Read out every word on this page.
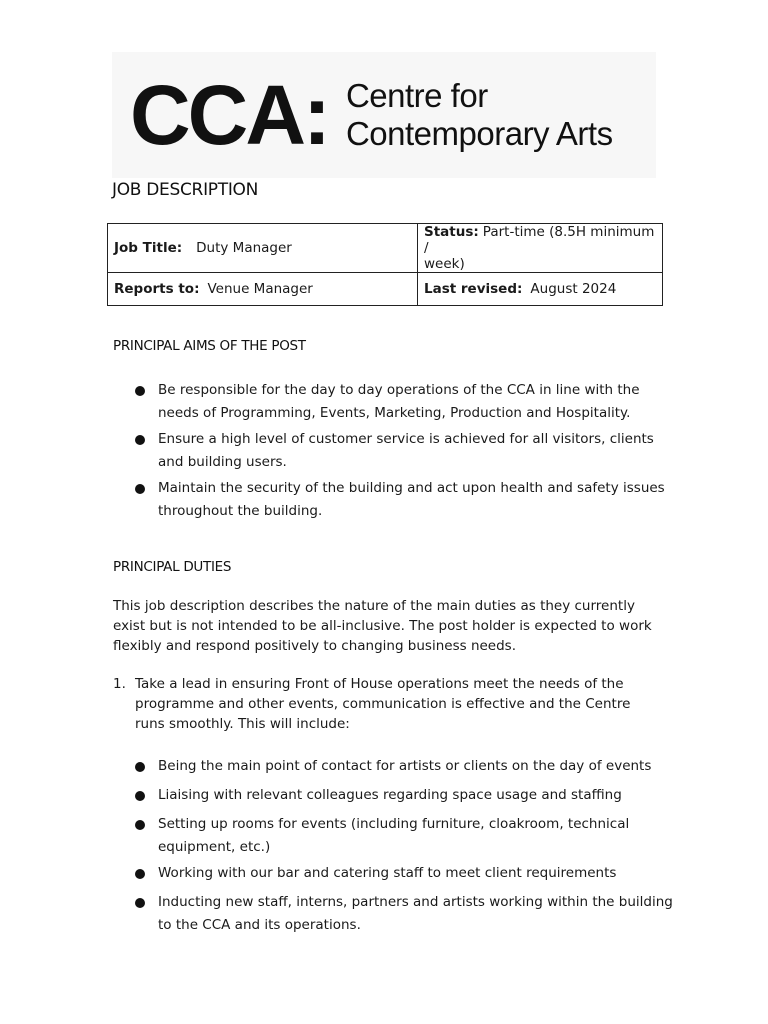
CCA: Centre for
Contemporary Arts
JOB DESCRIPTION
Job Title: Duty Manager	Status: Part-time (8.5H minimum /
week)
Reports to: Venue Manager	Last revised: August 2024
PRINCIPAL AIMS OF THE POST
Be responsible for the day to day operations of the CCA in line with the needs of Programming, Events, Marketing, Production and Hospitality.
Ensure a high level of customer service is achieved for all visitors, clients and building users.
Maintain the security of the building and act upon health and safety issues throughout the building.
PRINCIPAL DUTIES
This job description describes the nature of the main duties as they currently exist but is not intended to be all-inclusive. The post holder is expected to work flexibly and respond positively to changing business needs.
1. Take a lead in ensuring Front of House operations meet the needs of the programme and other events, communication is effective and the Centre runs smoothly. This will include:
Being the main point of contact for artists or clients on the day of events
Liaising with relevant colleagues regarding space usage and staffing
Setting up rooms for events (including furniture, cloakroom, technical equipment, etc.)
Working with our bar and catering staff to meet client requirements
Inducting new staff, interns, partners and artists working within the building to the CCA and its operations.
